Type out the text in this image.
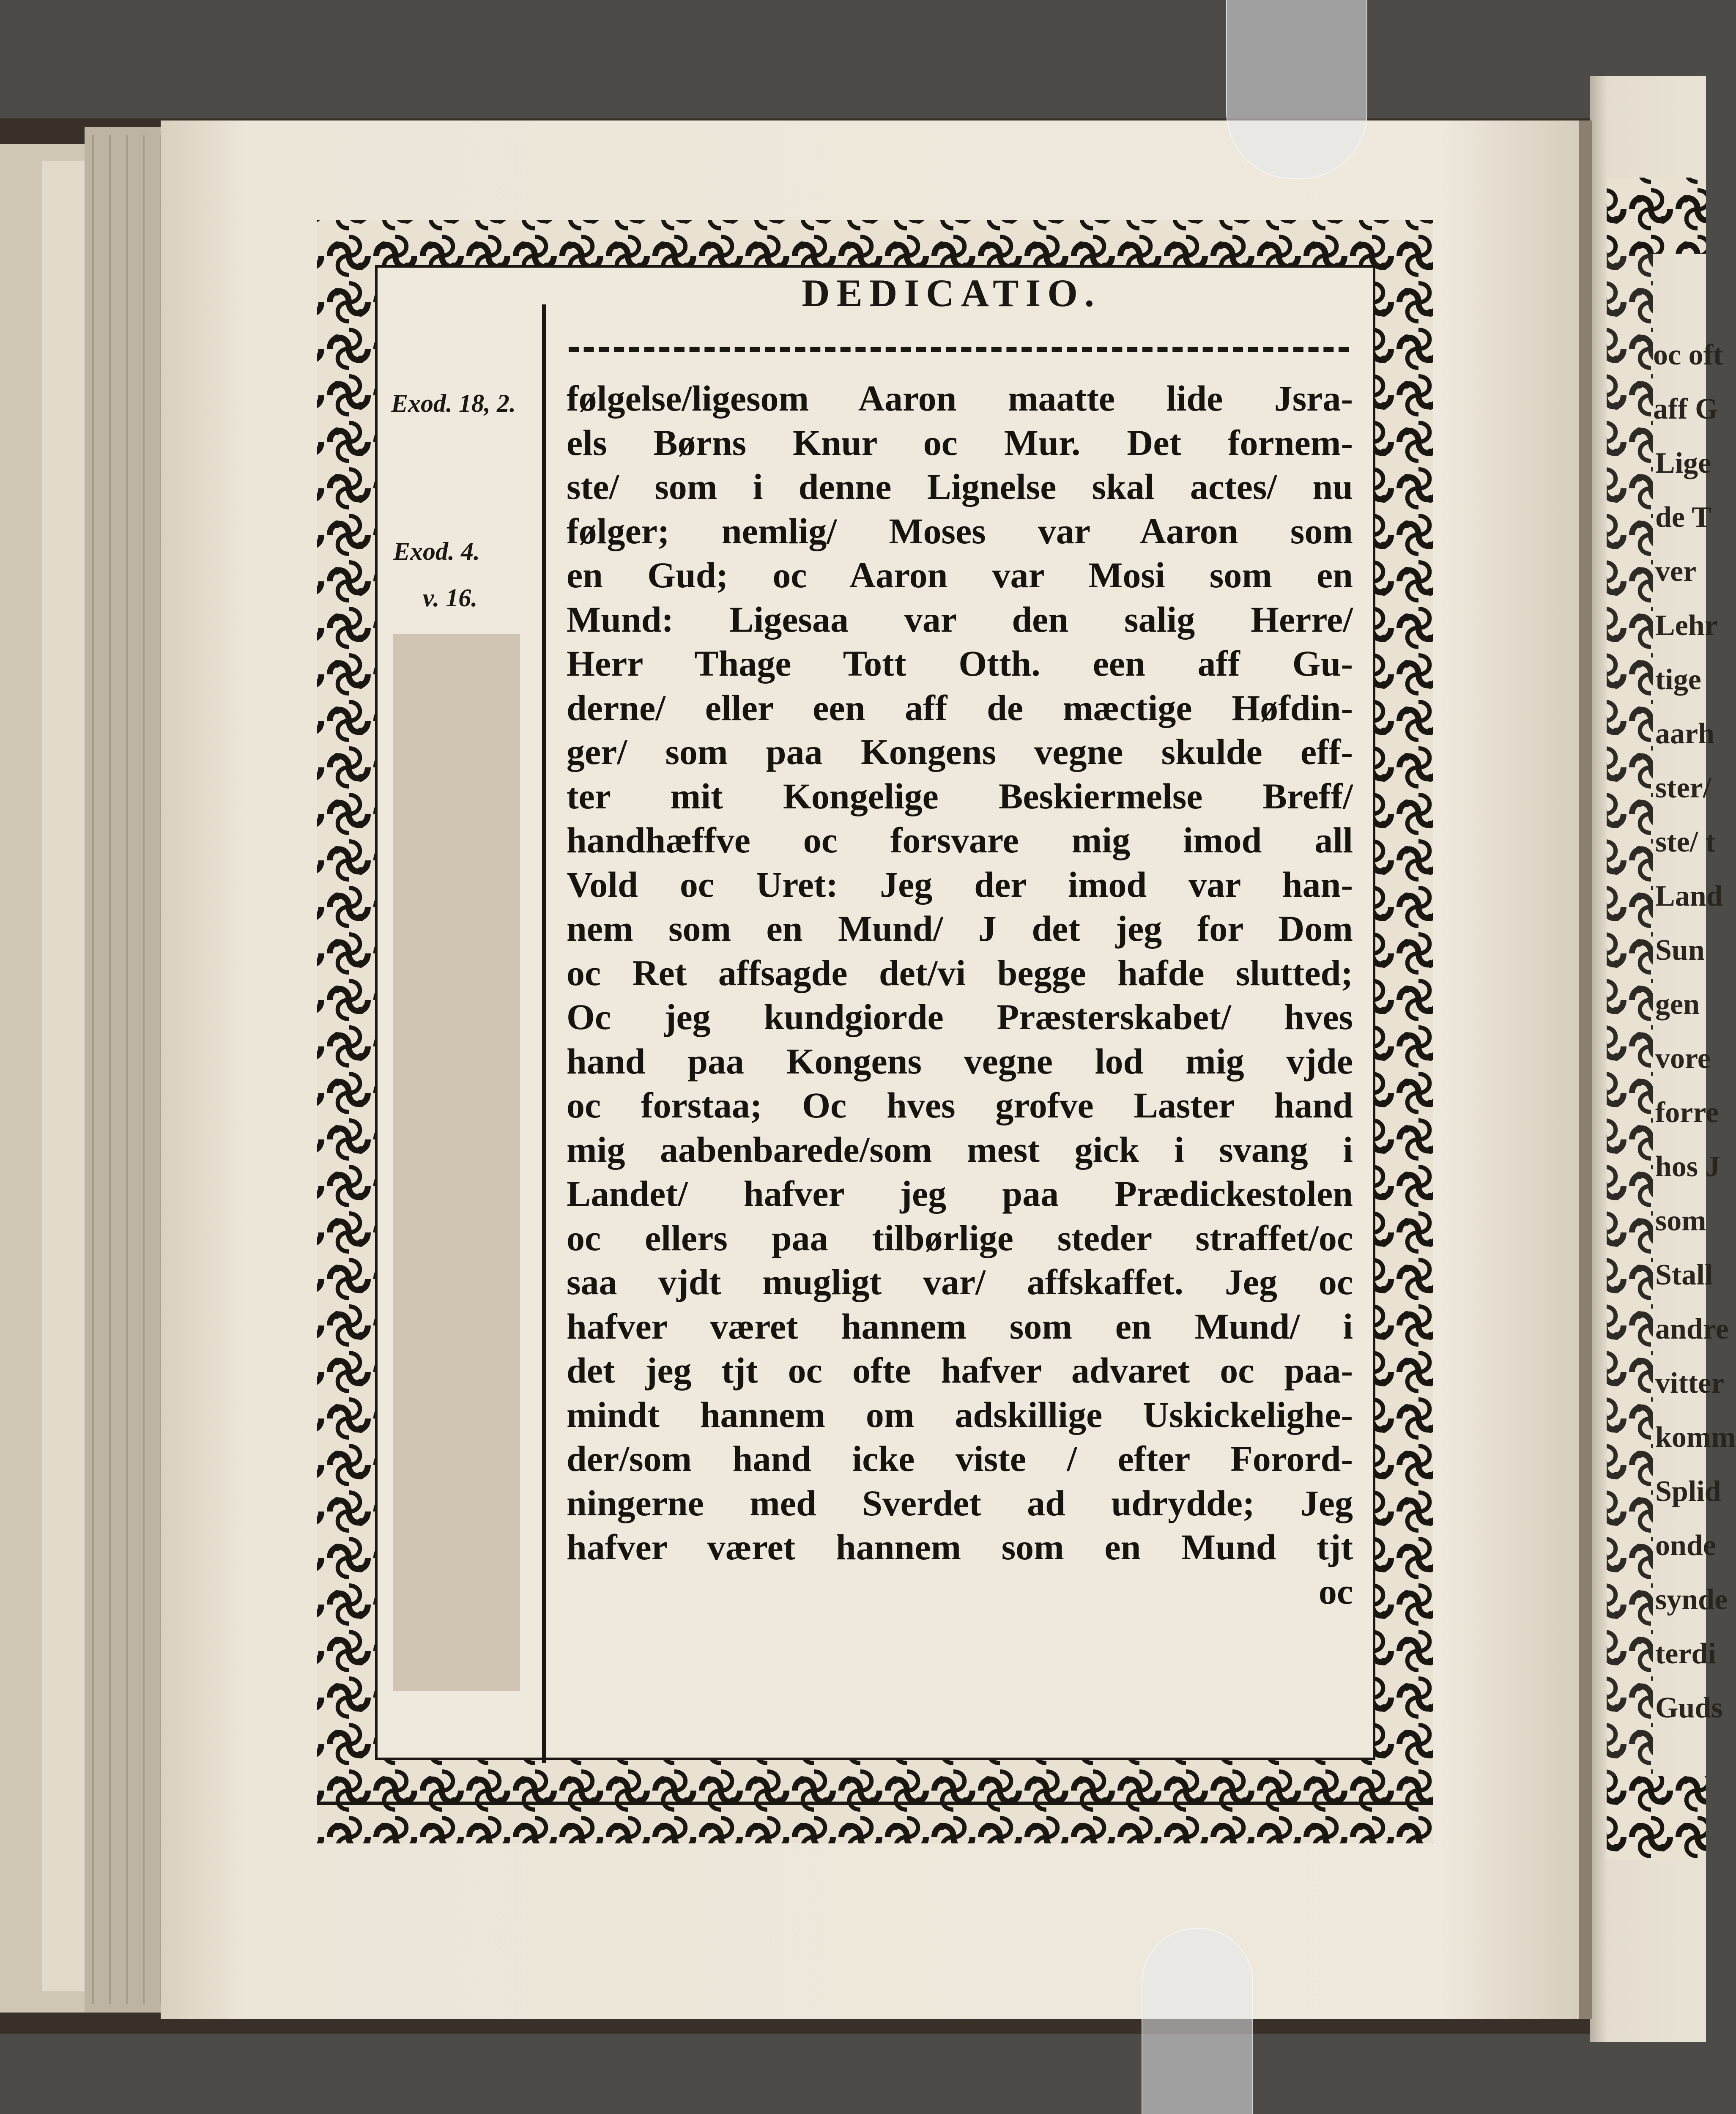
DEDICATIO.
Exod. 18, 2.
Exod. 4.
v. 16.
følgelse/ligesom Aaron maatte lide Jsra-
els Børns Knur oc Mur. Det fornem-
ste/ som i denne Lignelse skal actes/ nu
følger; nemlig/ Moses var Aaron som
en Gud; oc Aaron var Mosi som en
Mund: Ligesaa var den salig Herre/
Herr Thage Tott Otth. een aff Gu-
derne/ eller een aff de mæctige Høfdin-
ger/ som paa Kongens vegne skulde eff-
ter mit Kongelige Beskiermelse Breff/
handhæffve oc forsvare mig imod all
Vold oc Uret: Jeg der imod var han-
nem som en Mund/ J det jeg for Dom
oc Ret affsagde det/vi begge hafde slutted;
Oc jeg kundgiorde Præsterskabet/ hves
hand paa Kongens vegne lod mig vjde
oc forstaa; Oc hves grofve Laster hand
mig aabenbarede/som mest gick i svang i
Landet/ hafver jeg paa Prædickestolen
oc ellers paa tilbørlige steder straffet/oc
saa vjdt mugligt var/ affskaffet. Jeg oc
hafver været hannem som en Mund/ i
det jeg tjt oc ofte hafver advaret oc paa-
mindt hannem om adskillige Uskickelighe-
der/som hand icke viste / efter Forord-
ningerne med Sverdet ad udrydde; Jeg
hafver været hannem som en Mund tjt
oc
oc oft
aff G
Lige
de T
ver
Lehr
tige
aarh
ster/
ste/ t
Land
Sun
gen
vore
forre
hos J
som
Stall
andre
vitter
komm
Splid
onde
synde
terdi
Guds
